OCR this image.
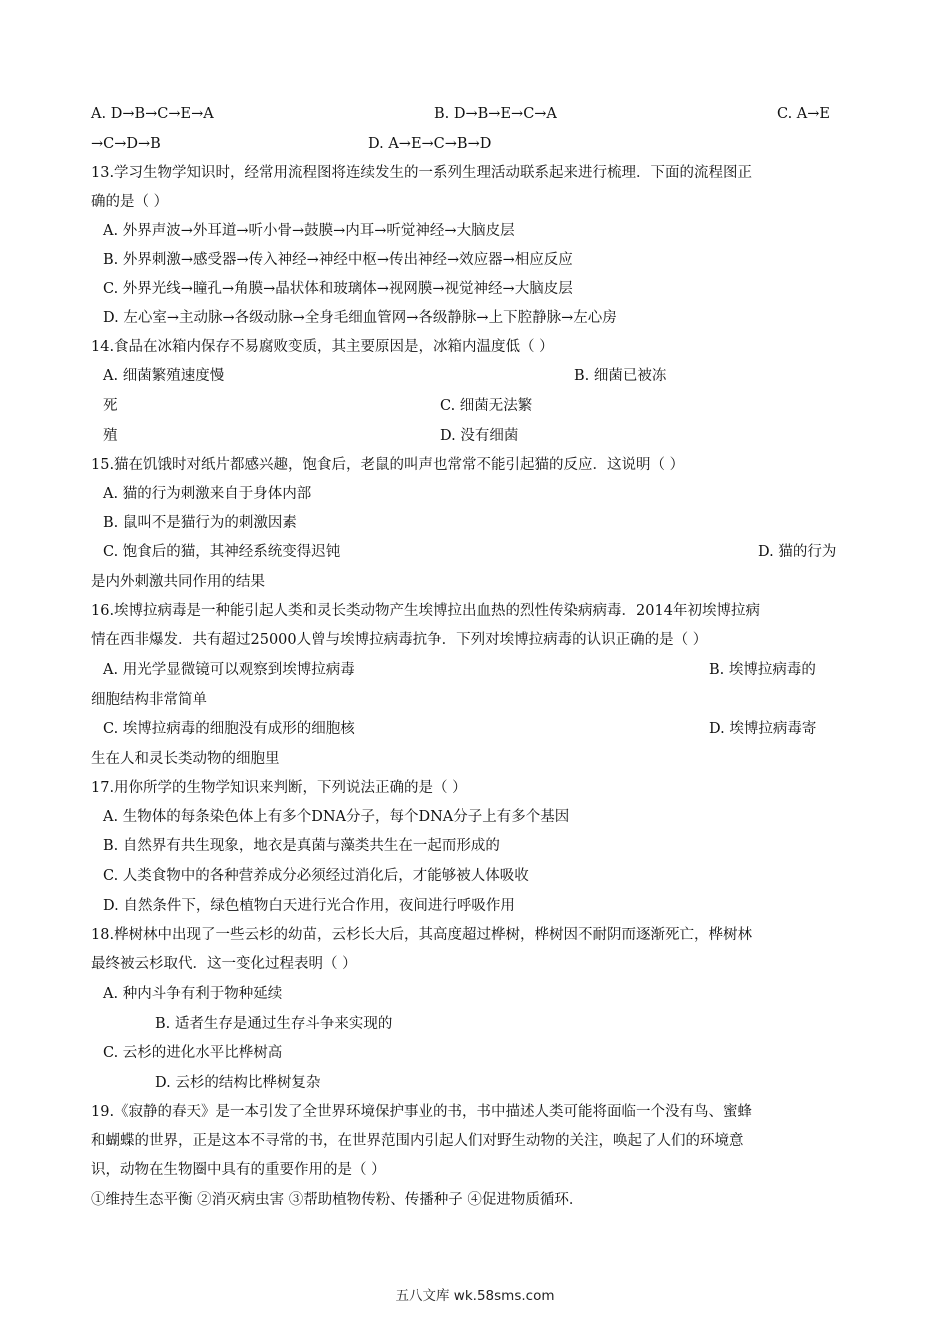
A. D→B→C→E→A	B. D→B→E→C→A	C. A→E
→C→D→B	D. A→E→C→B→D
13.学习生物学知识时，经常用流程图将连续发生的一系列生理活动联系起来进行梳理．下面的流程图正
确的是（ ）
A. 外界声波→外耳道→听小骨→鼓膜→内耳→听觉神经→大脑皮层
B. 外界刺激→感受器→传入神经→神经中枢→传出神经→效应器→相应反应
C. 外界光线→瞳孔→角膜→晶状体和玻璃体→视网膜→视觉神经→大脑皮层
D. 左心室→主动脉→各级动脉→全身毛细血管网→各级静脉→上下腔静脉→左心房
14.食品在冰箱内保存不易腐败变质，其主要原因是，冰箱内温度低（ ）
A. 细菌繁殖速度慢	B. 细菌已被冻
死	C. 细菌无法繁
殖	D. 没有细菌
15.猫在饥饿时对纸片都感兴趣，饱食后，老鼠的叫声也常常不能引起猫的反应．这说明（ ）
A. 猫的行为刺激来自于身体内部
B. 鼠叫不是猫行为的刺激因素
C. 饱食后的猫，其神经系统变得迟钝	D. 猫的行为
是内外刺激共同作用的结果
16.埃博拉病毒是一种能引起人类和灵长类动物产生埃博拉出血热的烈性传染病病毒．2014年初埃博拉病
情在西非爆发．共有超过25000人曾与埃博拉病毒抗争．下列对埃博拉病毒的认识正确的是（ ）
A. 用光学显微镜可以观察到埃博拉病毒	B. 埃博拉病毒的
细胞结构非常简单
C. 埃博拉病毒的细胞没有成形的细胞核	D. 埃博拉病毒寄
生在人和灵长类动物的细胞里
17.用你所学的生物学知识来判断，下列说法正确的是（ ）
A. 生物体的每条染色体上有多个DNA分子，每个DNA分子上有多个基因
B. 自然界有共生现象，地衣是真菌与藻类共生在一起而形成的
C. 人类食物中的各种营养成分必须经过消化后，才能够被人体吸收
D. 自然条件下，绿色植物白天进行光合作用，夜间进行呼吸作用
18.桦树林中出现了一些云杉的幼苗，云杉长大后，其高度超过桦树，桦树因不耐阴而逐渐死亡，桦树林
最终被云杉取代．这一变化过程表明（ ）
A. 种内斗争有利于物种延续
B. 适者生存是通过生存斗争来实现的
C. 云杉的进化水平比桦树高
D. 云杉的结构比桦树复杂
19.《寂静的春天》是一本引发了全世界环境保护事业的书，书中描述人类可能将面临一个没有鸟、蜜蜂
和蝴蝶的世界，正是这本不寻常的书，在世界范围内引起人们对野生动物的关注，唤起了人们的环境意
识，动物在生物圈中具有的重要作用的是（ ）
①维持生态平衡 ②消灭病虫害 ③帮助植物传粉、传播种子 ④促进物质循环．
五八文库 wk.58sms.com
